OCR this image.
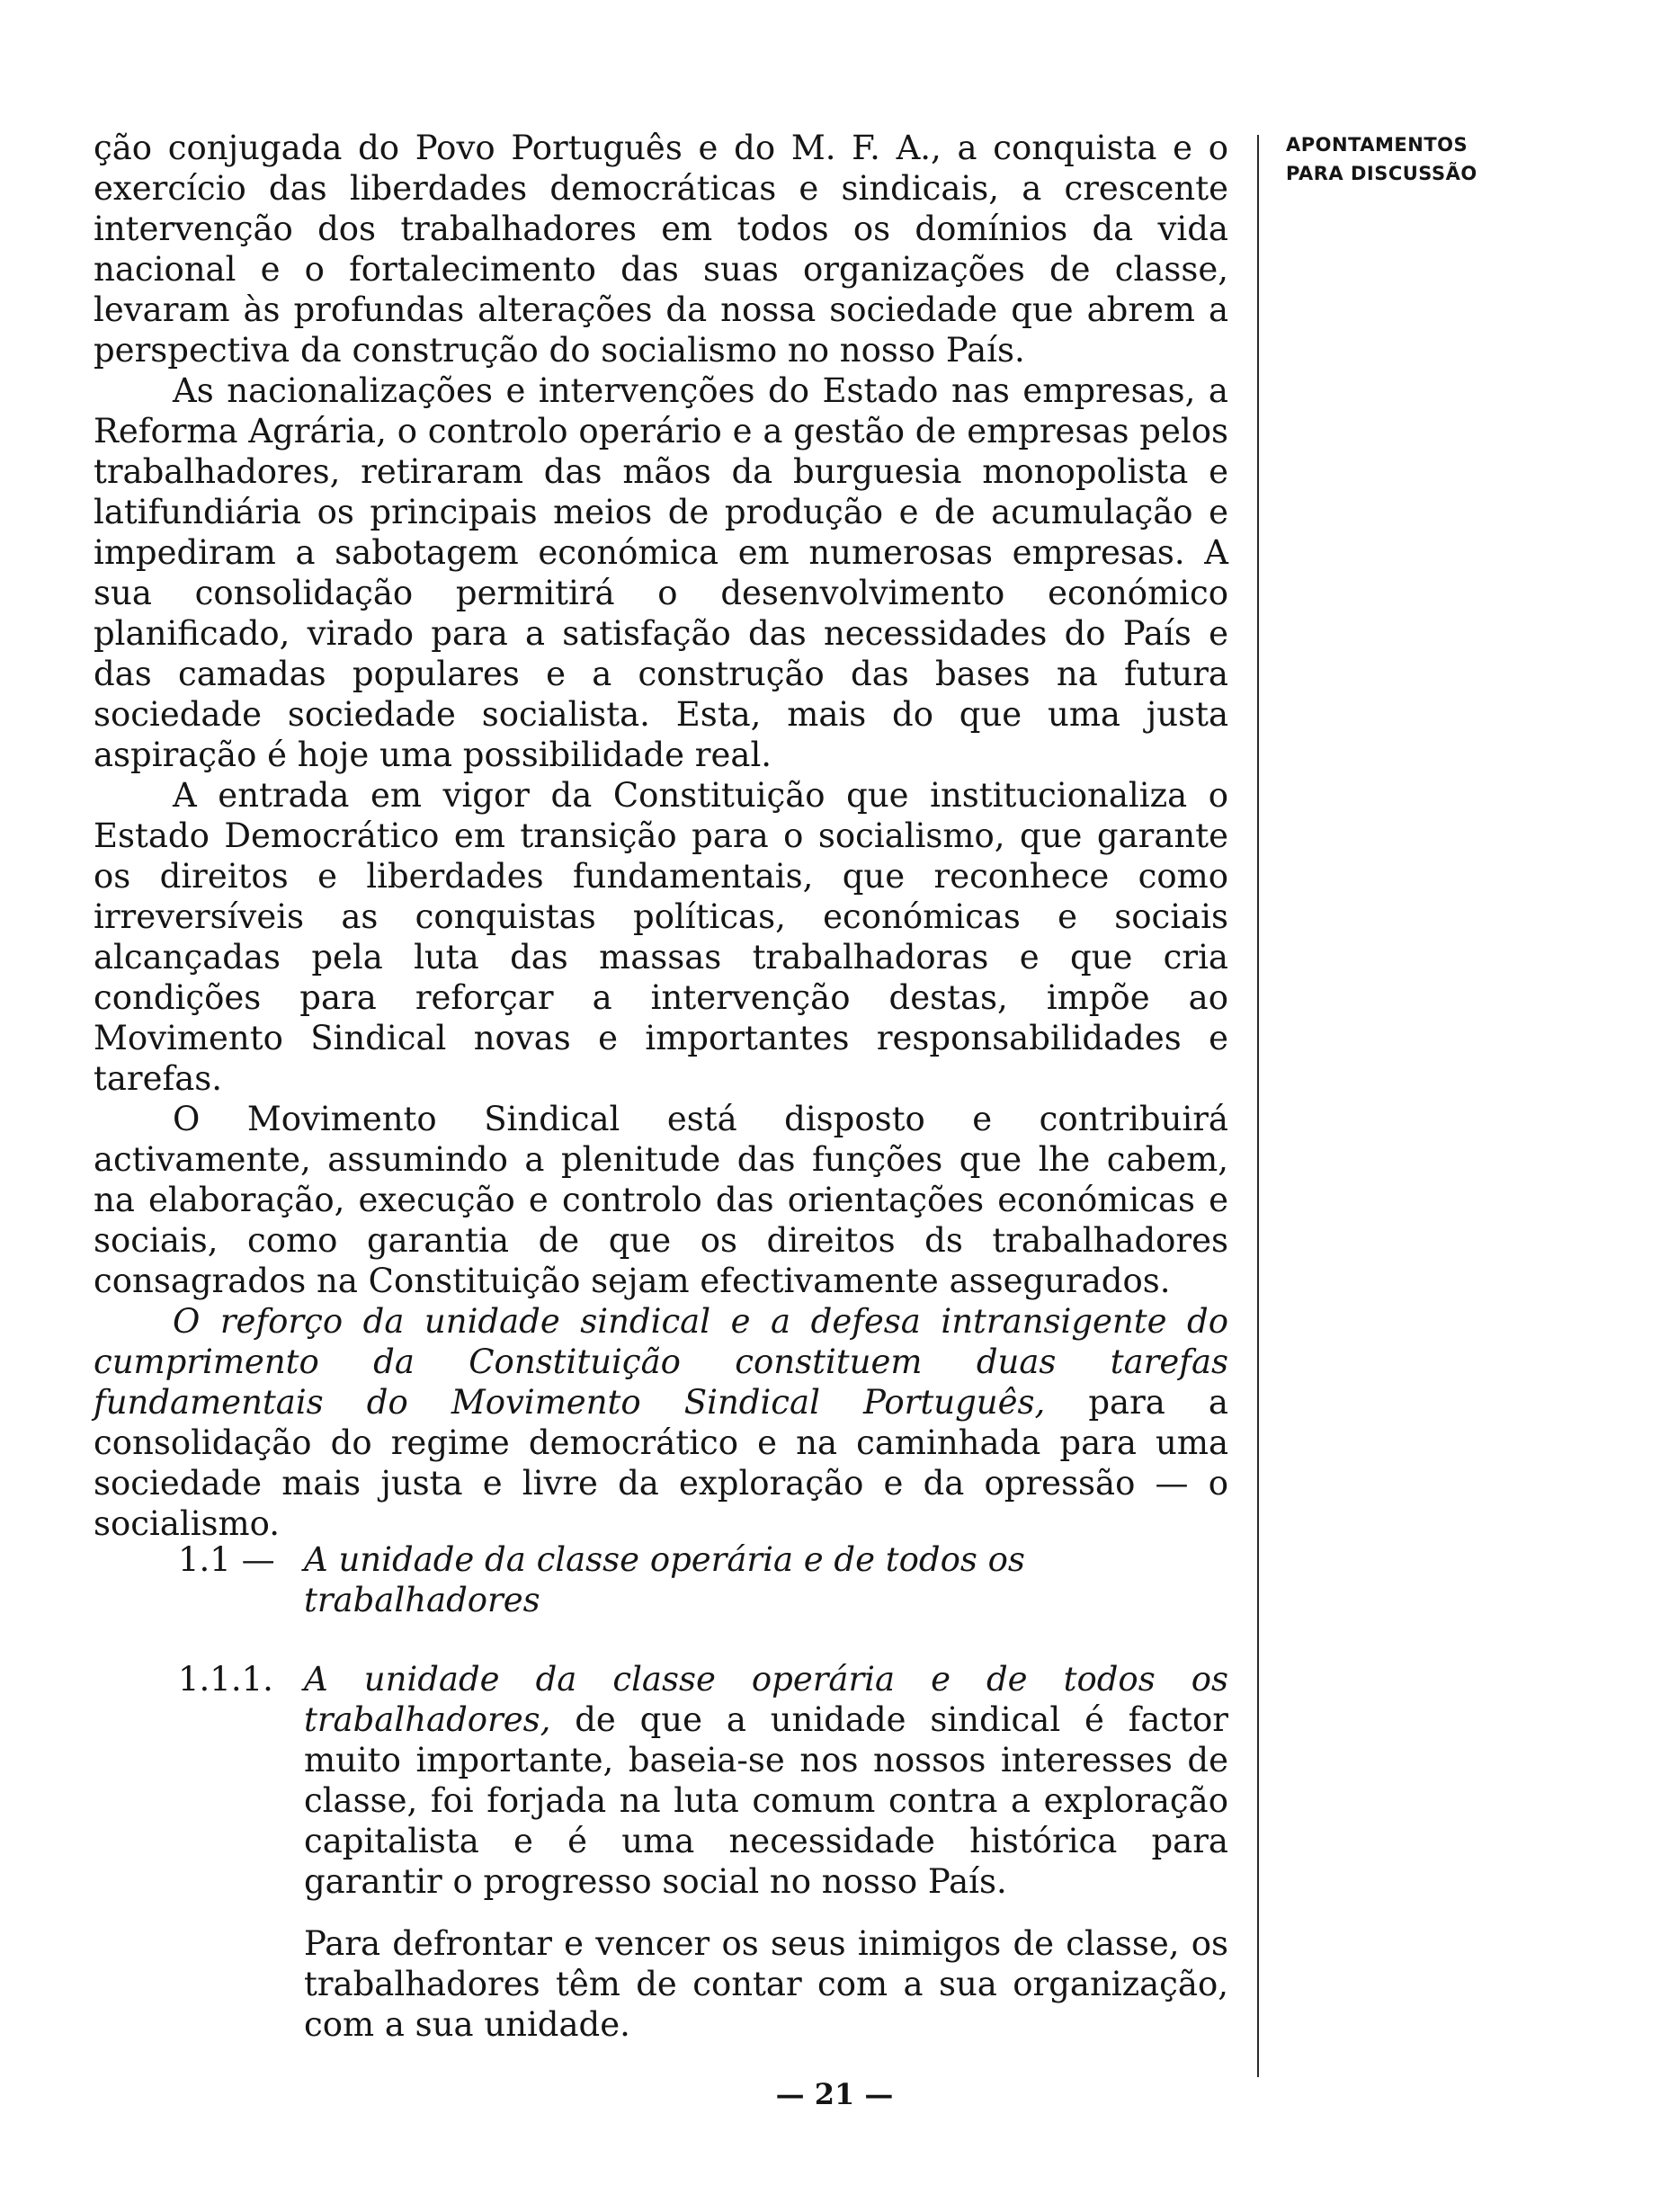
APONTAMENTOS
PARA DISCUSSÃO

ção conjugada do Povo Português e do M. F. A., a conquista e o exercício das liberdades democráticas e sindicais, a crescente intervenção dos trabalhadores em todos os domínios da vida nacional e o fortalecimento das suas organizações de classe, levaram às profundas alterações da nossa sociedade que abrem a perspectiva da construção do socialismo no nosso País.

As nacionalizações e intervenções do Estado nas empresas, a Reforma Agrária, o controlo operário e a gestão de empresas pelos trabalhadores, retiraram das mãos da burguesia monopolista e latifundiária os principais meios de produção e de acumulação e impediram a sabotagem económica em numerosas empresas. A sua consolidação permitirá o desenvolvimento económico planificado, virado para a satisfação das necessidades do País e das camadas populares e a construção das bases na futura sociedade sociedade socialista. Esta, mais do que uma justa aspiração é hoje uma possibilidade real.

A entrada em vigor da Constituição que institucionaliza o Estado Democrático em transição para o socialismo, que garante os direitos e liberdades fundamentais, que reconhece como irreversíveis as conquistas políticas, económicas e sociais alcançadas pela luta das massas trabalhadoras e que cria condições para reforçar a intervenção destas, impõe ao Movimento Sindical novas e importantes responsabilidades e tarefas.

O Movimento Sindical está disposto e contribuirá activamente, assumindo a plenitude das funções que lhe cabem, na elaboração, execução e controlo das orientações económicas e sociais, como garantia de que os direitos ds trabalhadores consagrados na Constituição sejam efectivamente assegurados.

O reforço da unidade sindical e a defesa intransigente do cumprimento da Constituição constituem duas tarefas fundamentais do Movimento Sindical Português, para a consolidação do regime democrático e na caminhada para uma sociedade mais justa e livre da exploração e da opressão — o socialismo.

1.1 — A unidade da classe operária e de todos os trabalhadores
1.1.1. A unidade da classe operária e de todos os trabalhadores, de que a unidade sindical é factor muito importante, baseia-se nos nossos interesses de classe, foi forjada na luta comum contra a exploração capitalista e é uma necessidade histórica para garantir o progresso social no nosso País.

Para defrontar e vencer os seus inimigos de classe, os trabalhadores têm de contar com a sua organização, com a sua unidade.

— 21 —
